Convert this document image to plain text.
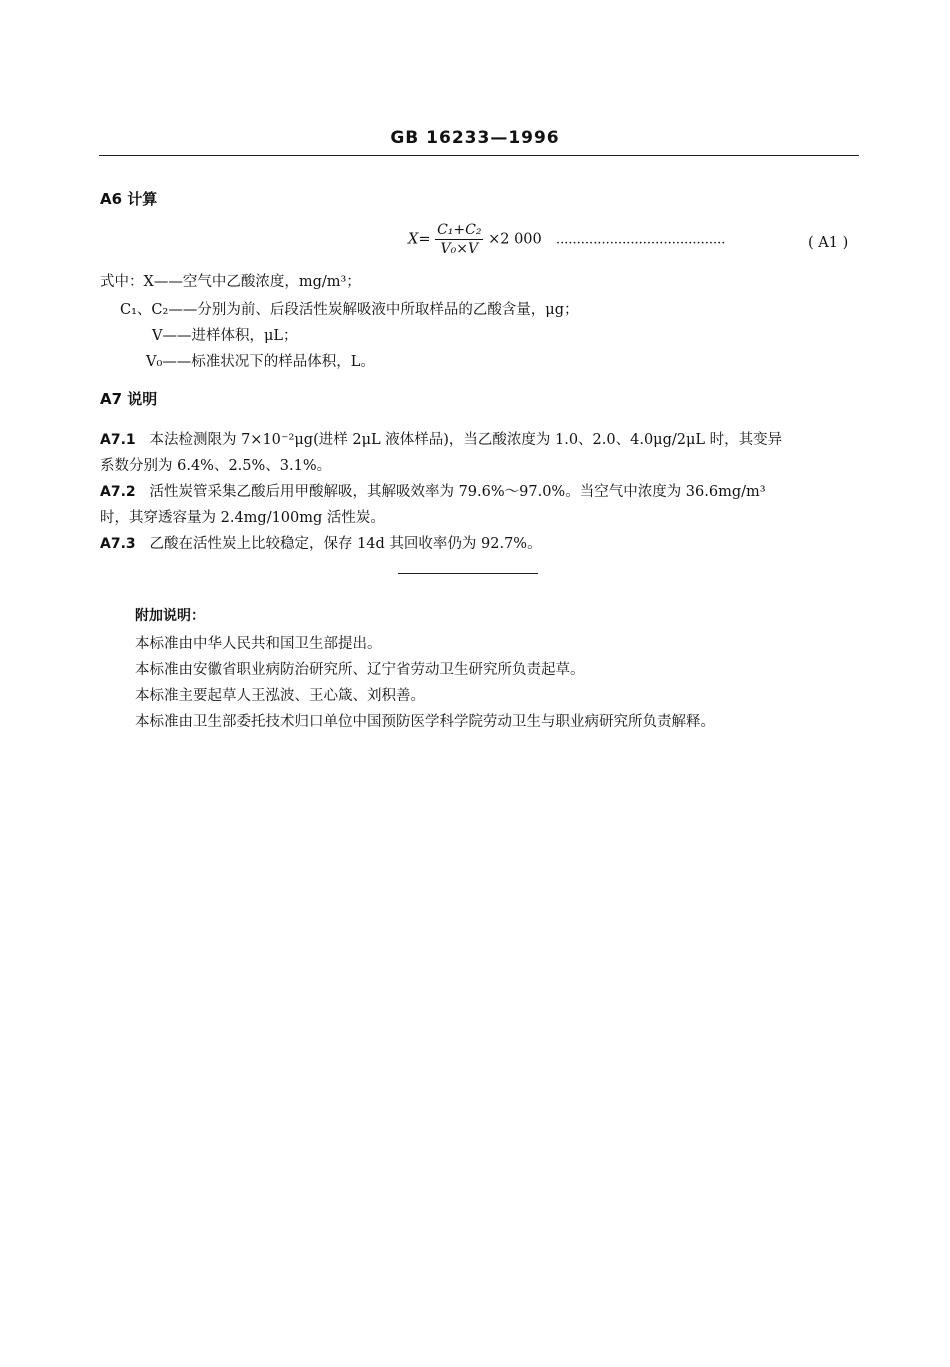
GB 16233—1996
A6 计算
$X= \frac{\text{C₁+C₂}}{\text{V₀×V}} \times 2$ 000 ·········································	( A1 )
式中：X——空气中乙酸浓度，mg/m³；
C₁、C₂——分别为前、后段活性炭解吸液中所取样品的乙酸含量，μg；
V——进样体积，μL；
V₀——标准状况下的样品体积，L。
A7 说明
A7.1 本法检测限为 7×10⁻²μg(进样 2μL 液体样品)，当乙酸浓度为 1.0、2.0、4.0μg/2μL 时，其变异
系数分别为 6.4%、2.5%、3.1%。
A7.2 活性炭管采集乙酸后用甲酸解吸，其解吸效率为 79.6%～97.0%。当空气中浓度为 36.6mg/m³
时，其穿透容量为 2.4mg/100mg 活性炭。
A7.3 乙酸在活性炭上比较稳定，保存 14d 其回收率仍为 92.7%。
附加说明：
本标准由中华人民共和国卫生部提出。
本标准由安徽省职业病防治研究所、辽宁省劳动卫生研究所负责起草。
本标准主要起草人王泓波、王心箴、刘积善。
本标准由卫生部委托技术归口单位中国预防医学科学院劳动卫生与职业病研究所负责解释。
